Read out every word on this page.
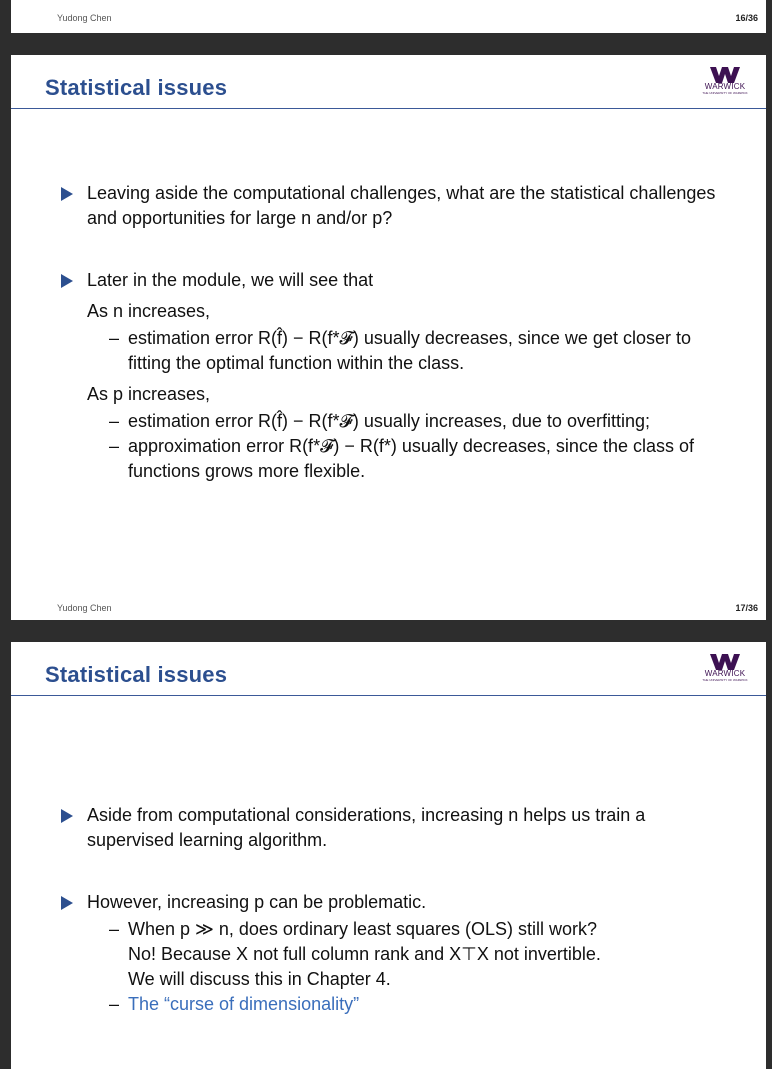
Yudong Chen	16/36
Statistical issues	WARWICK
THE UNIVERSITY OF WARWICK
Leaving aside the computational challenges, what are the statistical challenges and opportunities for large n and/or p?
Later in the module, we will see that
As n increases,
– estimation error R(f̂) − R(f*𝓕) usually decreases, since we get closer to fitting the optimal function within the class.
As p increases,
– estimation error R(f̂) − R(f*𝓕) usually increases, due to overfitting;
– approximation error R(f*𝓕) − R(f*) usually decreases, since the class of functions grows more flexible.
Yudong Chen	17/36
Statistical issues	WARWICK
THE UNIVERSITY OF WARWICK
Aside from computational considerations, increasing n helps us train a supervised learning algorithm.
However, increasing p can be problematic.
– When p ≫ n, does ordinary least squares (OLS) still work?
No! Because X not full column rank and X⊤X not invertible.
We will discuss this in Chapter 4.
– The “curse of dimensionality”
